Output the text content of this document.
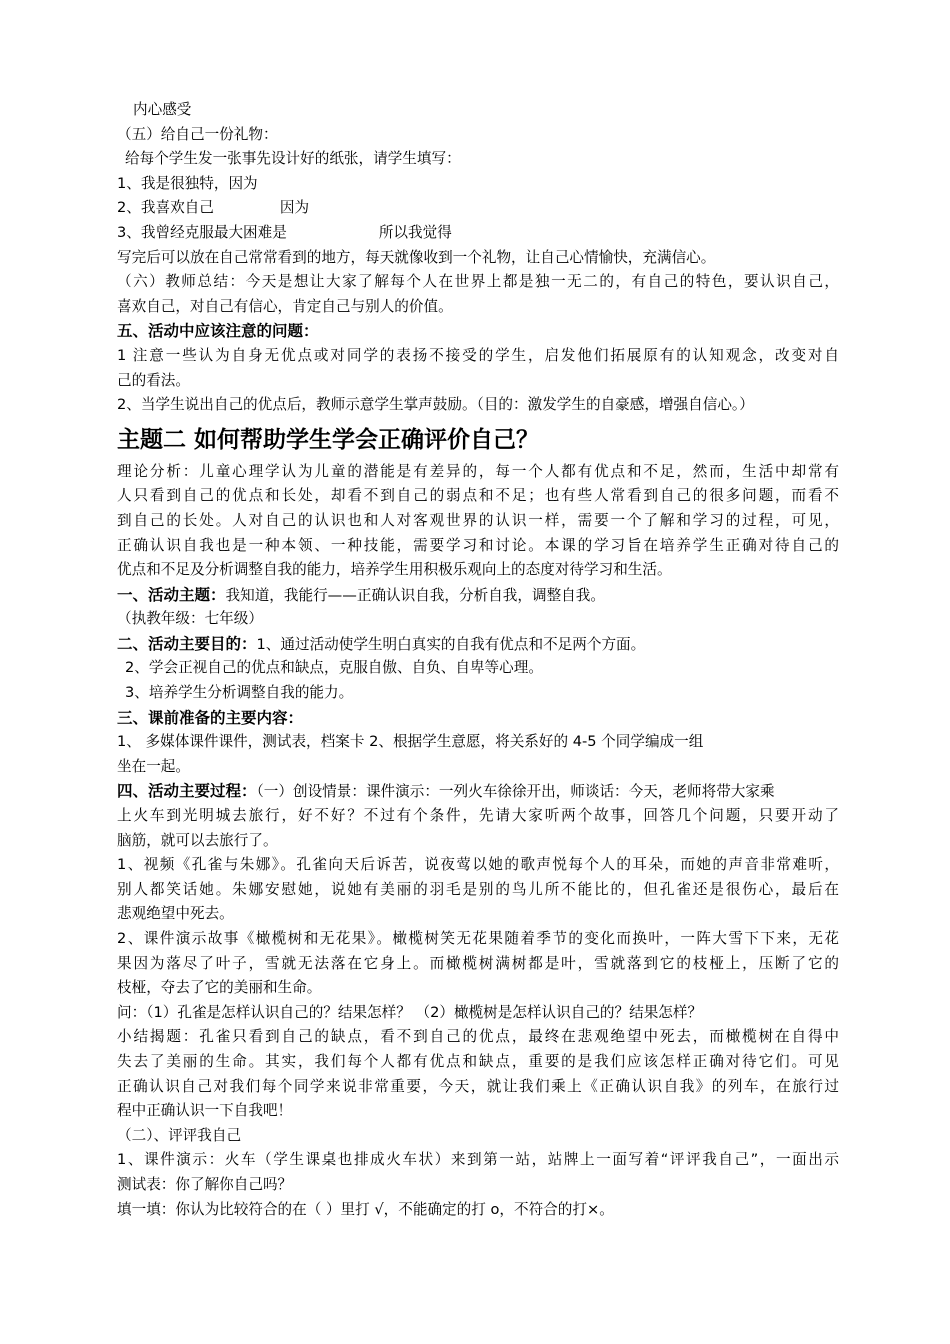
内心感受
（五）给自己一份礼物：
给每个学生发一张事先设计好的纸张，请学生填写：
1、我是很独特，因为
2、我喜欢自己	因为
3、我曾经克服最大困难是	所以我觉得
写完后可以放在自己常常看到的地方，每天就像收到一个礼物，让自己心情愉快，充满信心。
（六）教师总结：今天是想让大家了解每个人在世界上都是独一无二的，有自己的特色，要认识自己，
喜欢自己，对自己有信心，肯定自己与别人的价值。
五、活动中应该注意的问题：
1 注意一些认为自身无优点或对同学的表扬不接受的学生，启发他们拓展原有的认知观念，改变对自
己的看法。
2、当学生说出自己的优点后，教师示意学生掌声鼓励。（目的：激发学生的自豪感，增强自信心。）
主题二 如何帮助学生学会正确评价自己？
理论分析：儿童心理学认为儿童的潜能是有差异的，每一个人都有优点和不足，然而，生活中却常有
人只看到自己的优点和长处，却看不到自己的弱点和不足；也有些人常看到自己的很多问题，而看不
到自己的长处。人对自己的认识也和人对客观世界的认识一样，需要一个了解和学习的过程，可见，
正确认识自我也是一种本领、一种技能，需要学习和讨论。本课的学习旨在培养学生正确对待自己的
优点和不足及分析调整自我的能力，培养学生用积极乐观向上的态度对待学习和生活。
一、活动主题：我知道，我能行——正确认识自我，分析自我，调整自我。
（执教年级：七年级）
二、活动主要目的：1、通过活动使学生明白真实的自我有优点和不足两个方面。
2、学会正视自己的优点和缺点，克服自傲、自负、自卑等心理。
3、培养学生分析调整自我的能力。
三、课前准备的主要内容：
1、 多媒体课件课件，测试表，档案卡 2、根据学生意愿，将关系好的 4-5 个同学编成一组
坐在一起。
四、活动主要过程：（一）创设情景：课件演示：一列火车徐徐开出，师谈话：今天，老师将带大家乘
上火车到光明城去旅行，好不好？不过有个条件，先请大家听两个故事，回答几个问题，只要开动了
脑筋，就可以去旅行了。
1、视频《孔雀与朱娜》。孔雀向天后诉苦，说夜莺以她的歌声悦每个人的耳朵，而她的声音非常难听，
别人都笑话她。朱娜安慰她，说她有美丽的羽毛是别的鸟儿所不能比的，但孔雀还是很伤心，最后在
悲观绝望中死去。
2、课件演示故事《橄榄树和无花果》。橄榄树笑无花果随着季节的变化而换叶，一阵大雪下下来，无花
果因为落尽了叶子，雪就无法落在它身上。而橄榄树满树都是叶，雪就落到它的枝桠上，压断了它的
枝桠，夺去了它的美丽和生命。
问：（1）孔雀是怎样认识自己的？结果怎样？ （2）橄榄树是怎样认识自己的？结果怎样？
小结揭题：孔雀只看到自己的缺点，看不到自己的优点，最终在悲观绝望中死去，而橄榄树在自得中
失去了美丽的生命。其实，我们每个人都有优点和缺点，重要的是我们应该怎样正确对待它们。可见
正确认识自己对我们每个同学来说非常重要，今天，就让我们乘上《正确认识自我》的列车，在旅行过
程中正确认识一下自我吧！
（二）、评评我自己
1、课件演示：火车（学生课桌也排成火车状）来到第一站，站牌上一面写着“评评我自己”，一面出示
测试表：你了解你自己吗？
填一填：你认为比较符合的在（ ）里打 √，不能确定的打 o，不符合的打×。
